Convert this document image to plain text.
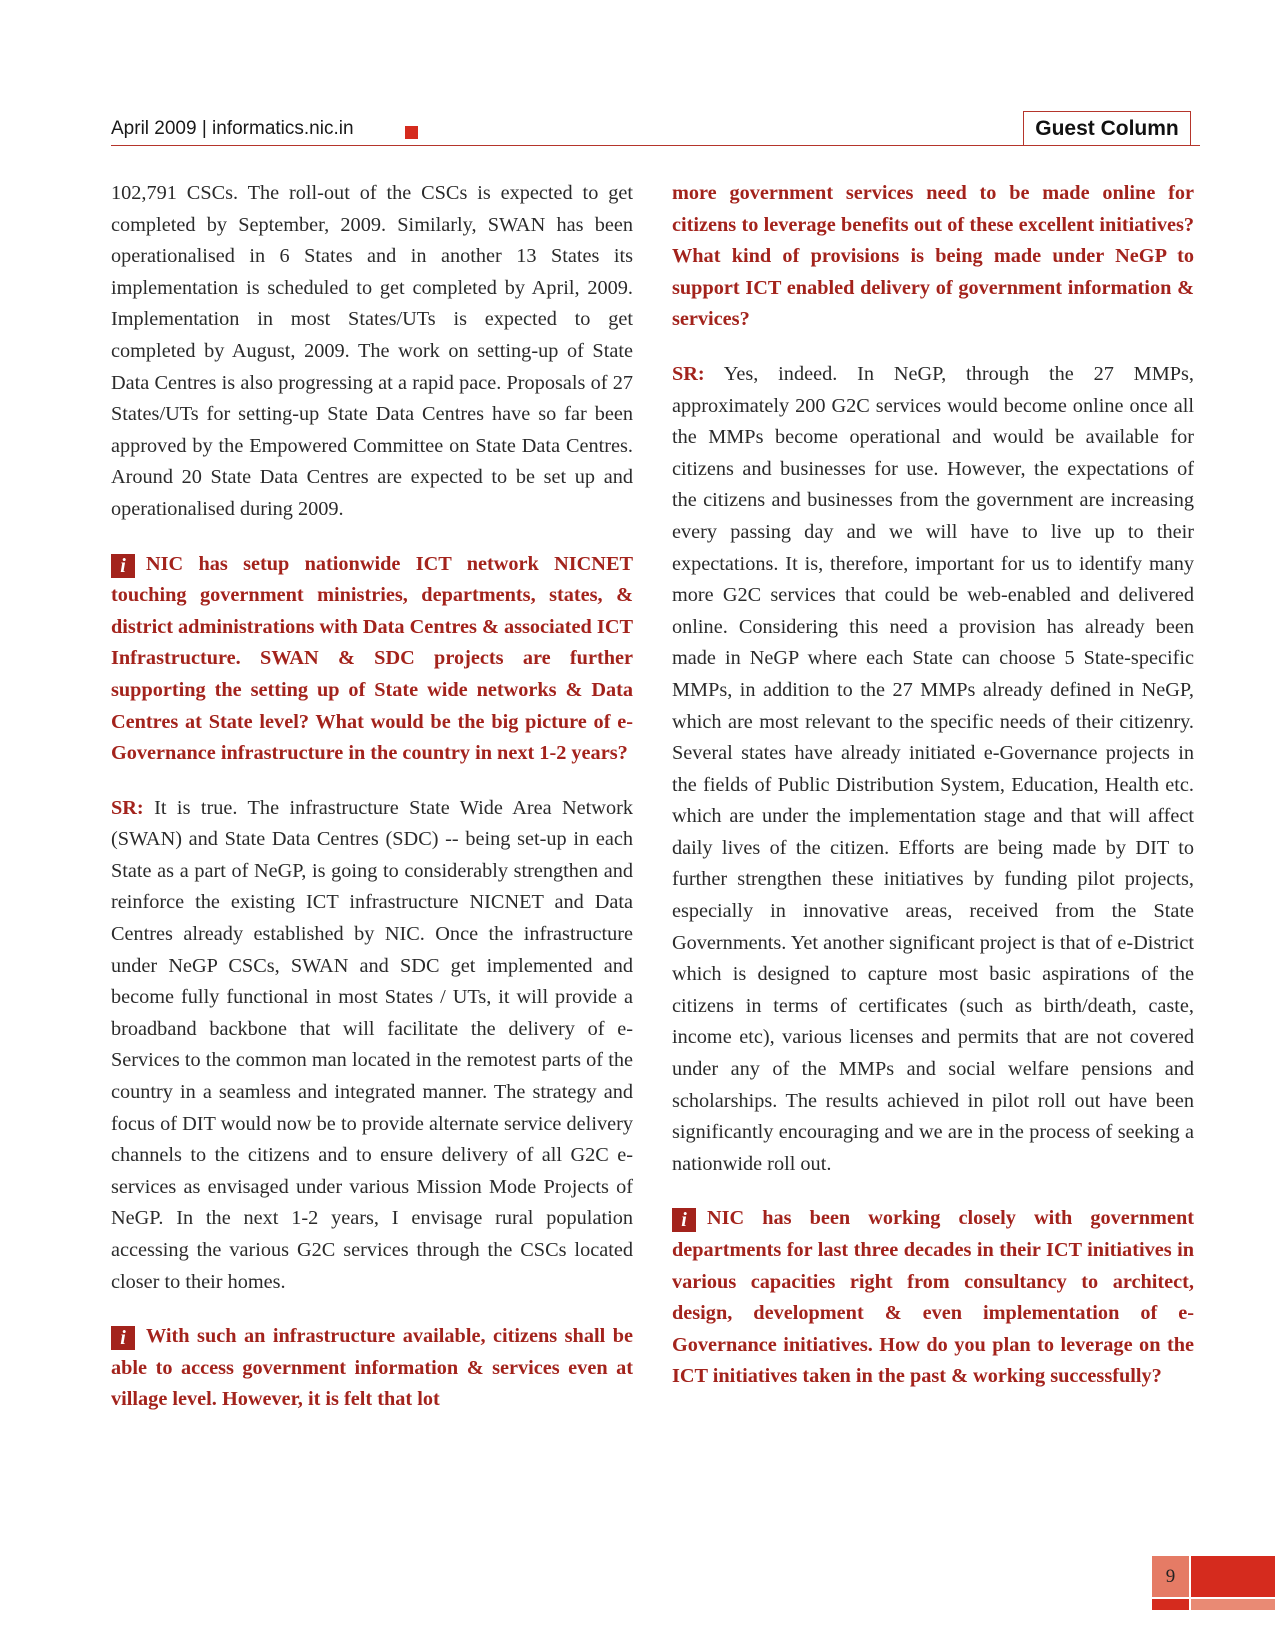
April 2009 | informatics.nic.in	Guest Column

102,791 CSCs. The roll-out of the CSCs is expected to get completed by September, 2009. Similarly, SWAN has been operationalised in 6 States and in another 13 States its implementation is scheduled to get completed by April, 2009. Implementation in most States/UTs is expected to get completed by August, 2009. The work on setting-up of State Data Centres is also progressing at a rapid pace. Proposals of 27 States/UTs for setting-up State Data Centres have so far been approved by the Empowered Committee on State Data Centres. Around 20 State Data Centres are expected to be set up and operationalised during 2009.

i NIC has setup nationwide ICT network NICNET touching government ministries, departments, states, & district administrations with Data Centres & associated ICT Infrastructure. SWAN & SDC projects are further supporting the setting up of State wide networks & Data Centres at State level? What would be the big picture of e-Governance infrastructure in the country in next 1-2 years?

SR: It is true. The infrastructure State Wide Area Network (SWAN) and State Data Centres (SDC) -- being set-up in each State as a part of NeGP, is going to considerably strengthen and reinforce the existing ICT infrastructure NICNET and Data Centres already established by NIC. Once the infrastructure under NeGP CSCs, SWAN and SDC get implemented and become fully functional in most States / UTs, it will provide a broadband backbone that will facilitate the delivery of e-Services to the common man located in the remotest parts of the country in a seamless and integrated manner. The strategy and focus of DIT would now be to provide alternate service delivery channels to the citizens and to ensure delivery of all G2C e-services as envisaged under various Mission Mode Projects of NeGP. In the next 1-2 years, I envisage rural population accessing the various G2C services through the CSCs located closer to their homes.

i With such an infrastructure available, citizens shall be able to access government information & services even at village level. However, it is felt that lot

more government services need to be made online for citizens to leverage benefits out of these excellent initiatives? What kind of provisions is being made under NeGP to support ICT enabled delivery of government information & services?

SR: Yes, indeed. In NeGP, through the 27 MMPs, approximately 200 G2C services would become online once all the MMPs become operational and would be available for citizens and businesses for use. However, the expectations of the citizens and businesses from the government are increasing every passing day and we will have to live up to their expectations. It is, therefore, important for us to identify many more G2C services that could be web-enabled and delivered online. Considering this need a provision has already been made in NeGP where each State can choose 5 State-specific MMPs, in addition to the 27 MMPs already defined in NeGP, which are most relevant to the specific needs of their citizenry. Several states have already initiated e-Governance projects in the fields of Public Distribution System, Education, Health etc. which are under the implementation stage and that will affect daily lives of the citizen. Efforts are being made by DIT to further strengthen these initiatives by funding pilot projects, especially in innovative areas, received from the State Governments. Yet another significant project is that of e-District which is designed to capture most basic aspirations of the citizens in terms of certificates (such as birth/death, caste, income etc), various licenses and permits that are not covered under any of the MMPs and social welfare pensions and scholarships. The results achieved in pilot roll out have been significantly encouraging and we are in the process of seeking a nationwide roll out.

i NIC has been working closely with government departments for last three decades in their ICT initiatives in various capacities right from consultancy to architect, design, development & even implementation of e-Governance initiatives. How do you plan to leverage on the ICT initiatives taken in the past & working successfully?

9
